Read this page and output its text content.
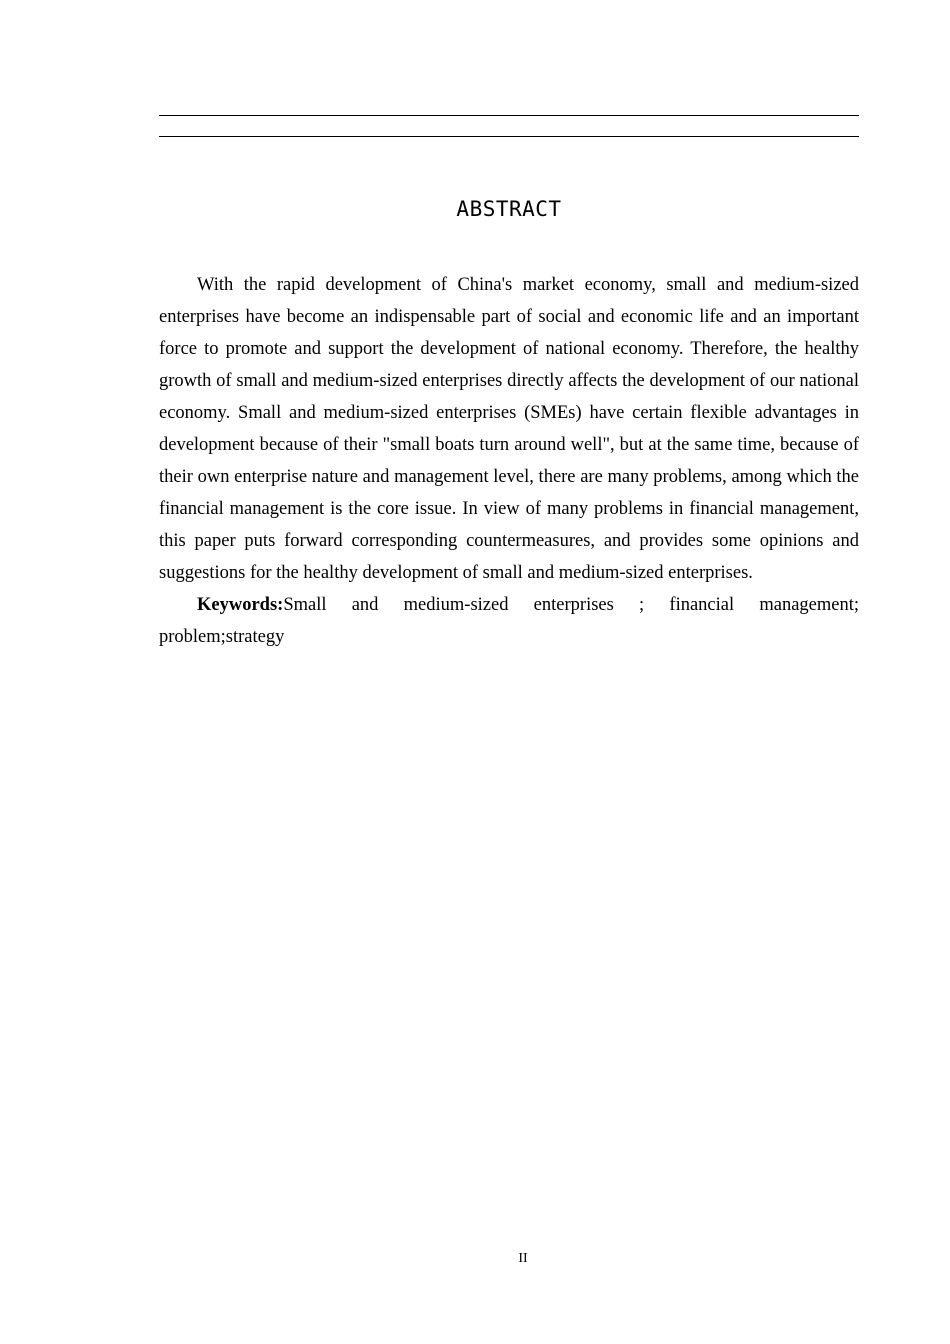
ABSTRACT

With the rapid development of China's market economy, small and medium-sized enterprises have become an indispensable part of social and economic life and an important force to promote and support the development of national economy. Therefore, the healthy growth of small and medium-sized enterprises directly affects the development of our national economy. Small and medium-sized enterprises (SMEs) have certain flexible advantages in development because of their "small boats turn around well", but at the same time, because of their own enterprise nature and management level, there are many problems, among which the financial management is the core issue. In view of many problems in financial management, this paper puts forward corresponding countermeasures, and provides some opinions and suggestions for the healthy development of small and medium-sized enterprises.

Keywords:Small and medium-sized enterprises ; financial management; problem;strategy

II
